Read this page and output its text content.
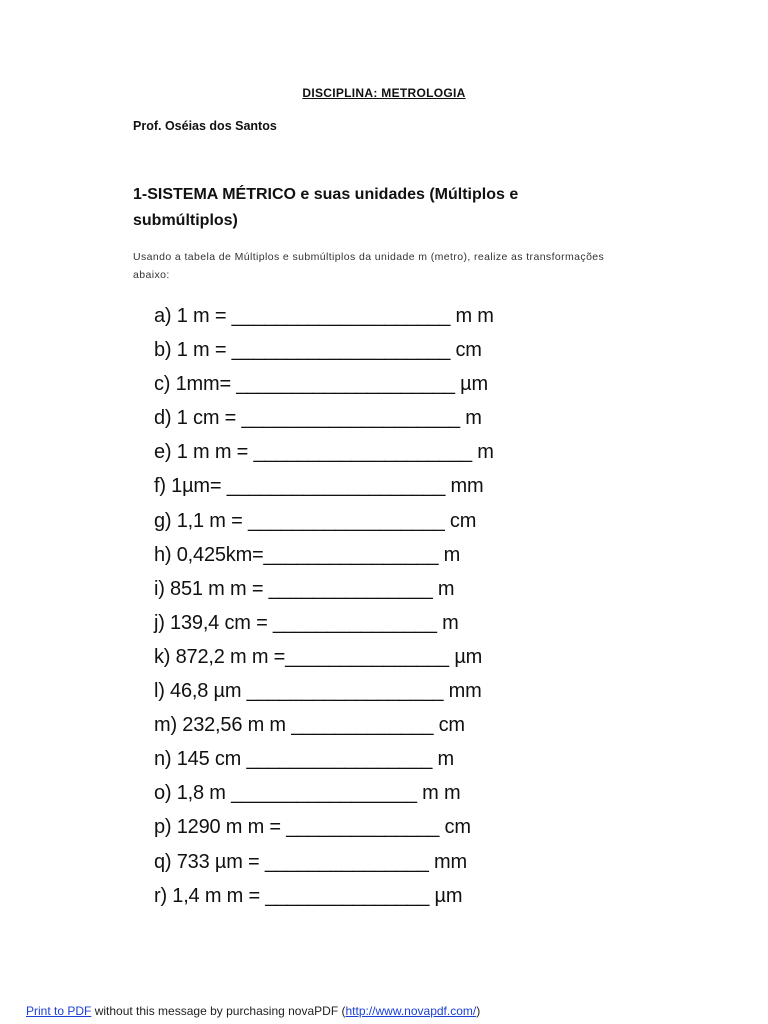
DISCIPLINA: METROLOGIA
Prof. Oséias dos Santos
1-SISTEMA MÉTRICO e suas unidades (Múltiplos e submúltiplos)
Usando a tabela de Múltiplos e submúltiplos da unidade m (metro), realize as transformações abaixo:
a) 1 m = ____________________ m m
b) 1 m = ____________________ cm
c) 1mm= ____________________ µm
d) 1 cm = ____________________ m
e) 1 m m = ____________________ m
f) 1µm= ____________________ mm
g) 1,1 m = __________________ cm
h) 0,425km=________________ m
i) 851 m m = _______________ m
j) 139,4 cm = _______________ m
k) 872,2 m m =_______________ µm
l) 46,8 µm __________________ mm
m) 232,56 m m _____________ cm
n) 145 cm _________________ m
o) 1,8 m _________________ m m
p) 1290 m m = ______________ cm
q) 733 µm = _______________ mm
r) 1,4 m m = _______________ µm
Print to PDF without this message by purchasing novaPDF (http://www.novapdf.com/)
